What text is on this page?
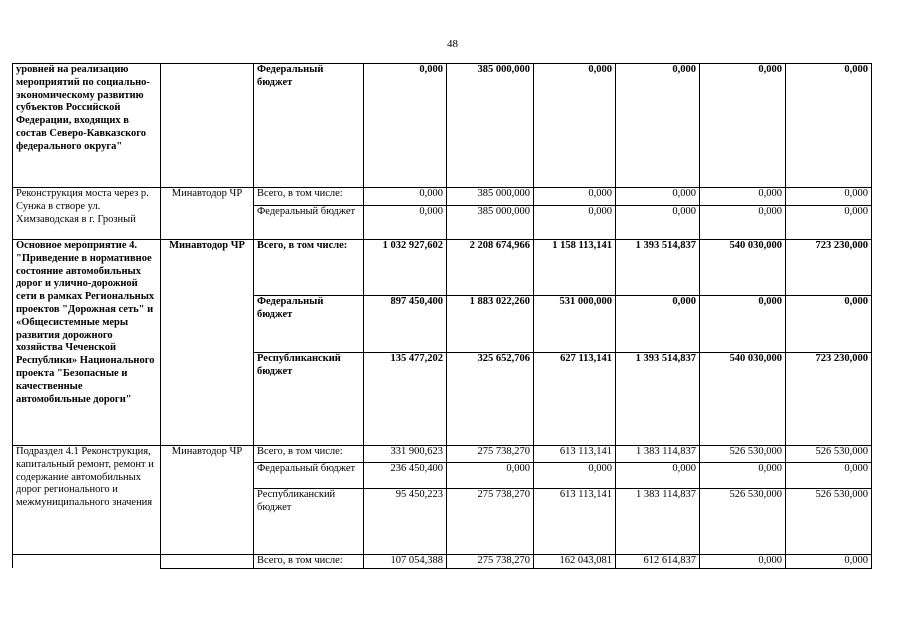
48
уровней на реализацию мероприятий по социально-экономическому развитию субъектов Российской Федерации, входящих в состав Северо-Кавказского федерального округа"		Федеральный бюджет	0,000	385 000,000	0,000	0,000	0,000	0,000
Реконструкция моста через р. Сунжа в створе ул. Химзаводская в г. Грозный	Минавтодор ЧР	Всего, в том числе:	0,000	385 000,000	0,000	0,000	0,000	0,000
		Федеральный бюджет	0,000	385 000,000	0,000	0,000	0,000	0,000
Основное мероприятие 4. "Приведение в нормативное состояние автомобильных дорог и улично-дорожной сети в рамках Региональных проектов "Дорожная сеть" и «Общесистемные меры развития дорожного хозяйства Чеченской Республики» Национального проекта "Безопасные и качественные автомобильные дороги"	Минавтодор ЧР	Всего, в том числе:	1 032 927,602	2 208 674,966	1 158 113,141	1 393 514,837	540 030,000	723 230,000
		Федеральный бюджет	897 450,400	1 883 022,260	531 000,000	0,000	0,000	0,000
		Республиканский бюджет	135 477,202	325 652,706	627 113,141	1 393 514,837	540 030,000	723 230,000
Подраздел 4.1 Реконструкция, капитальный ремонт, ремонт и содержание автомобильных дорог регионального и межмуниципального значения	Минавтодор ЧР	Всего, в том числе:	331 900,623	275 738,270	613 113,141	1 383 114,837	526 530,000	526 530,000
		Федеральный бюджет	236 450,400	0,000	0,000	0,000	0,000	0,000
		Республиканский бюджет	95 450,223	275 738,270	613 113,141	1 383 114,837	526 530,000	526 530,000
		Всего, в том числе:	107 054,388	275 738,270	162 043,081	612 614,837	0,000	0,000
